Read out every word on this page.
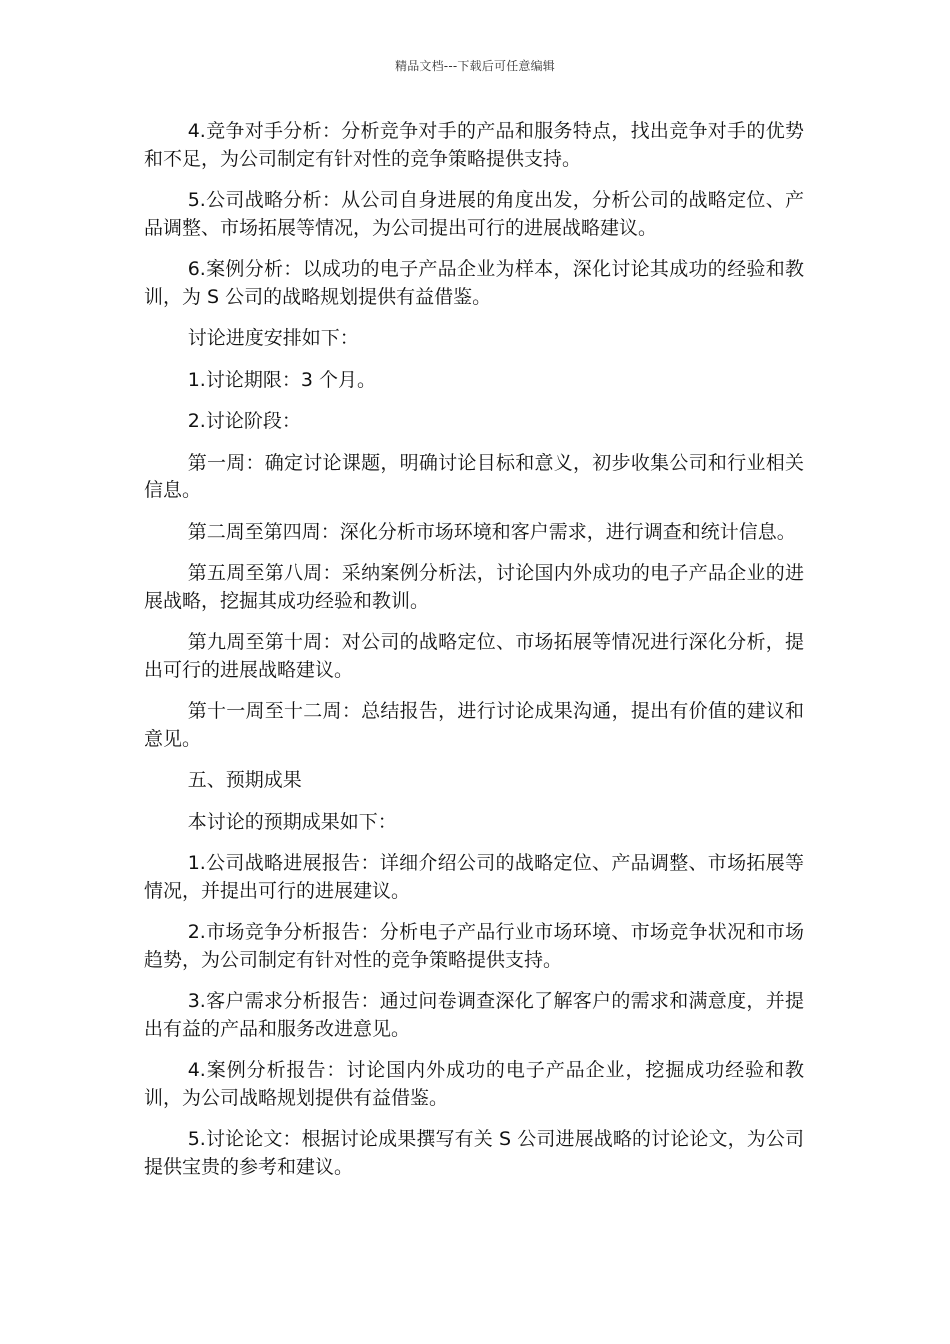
精品文档---下载后可任意编辑

4.竞争对手分析：分析竞争对手的产品和服务特点，找出竞争对手的优势和不足，为公司制定有针对性的竞争策略提供支持。

5.公司战略分析：从公司自身进展的角度出发，分析公司的战略定位、产品调整、市场拓展等情况，为公司提出可行的进展战略建议。

6.案例分析：以成功的电子产品企业为样本，深化讨论其成功的经验和教训，为 S 公司的战略规划提供有益借鉴。

讨论进度安排如下：

1.讨论期限：3 个月。

2.讨论阶段：

第一周：确定讨论课题，明确讨论目标和意义，初步收集公司和行业相关信息。

第二周至第四周：深化分析市场环境和客户需求，进行调查和统计信息。

第五周至第八周：采纳案例分析法，讨论国内外成功的电子产品企业的进展战略，挖掘其成功经验和教训。

第九周至第十周：对公司的战略定位、市场拓展等情况进行深化分析，提出可行的进展战略建议。

第十一周至十二周：总结报告，进行讨论成果沟通，提出有价值的建议和意见。

五、预期成果

本讨论的预期成果如下：

1.公司战略进展报告：详细介绍公司的战略定位、产品调整、市场拓展等情况，并提出可行的进展建议。

2.市场竞争分析报告：分析电子产品行业市场环境、市场竞争状况和市场趋势，为公司制定有针对性的竞争策略提供支持。

3.客户需求分析报告：通过问卷调查深化了解客户的需求和满意度，并提出有益的产品和服务改进意见。

4.案例分析报告：讨论国内外成功的电子产品企业，挖掘成功经验和教训，为公司战略规划提供有益借鉴。

5.讨论论文：根据讨论成果撰写有关 S 公司进展战略的讨论论文，为公司提供宝贵的参考和建议。
